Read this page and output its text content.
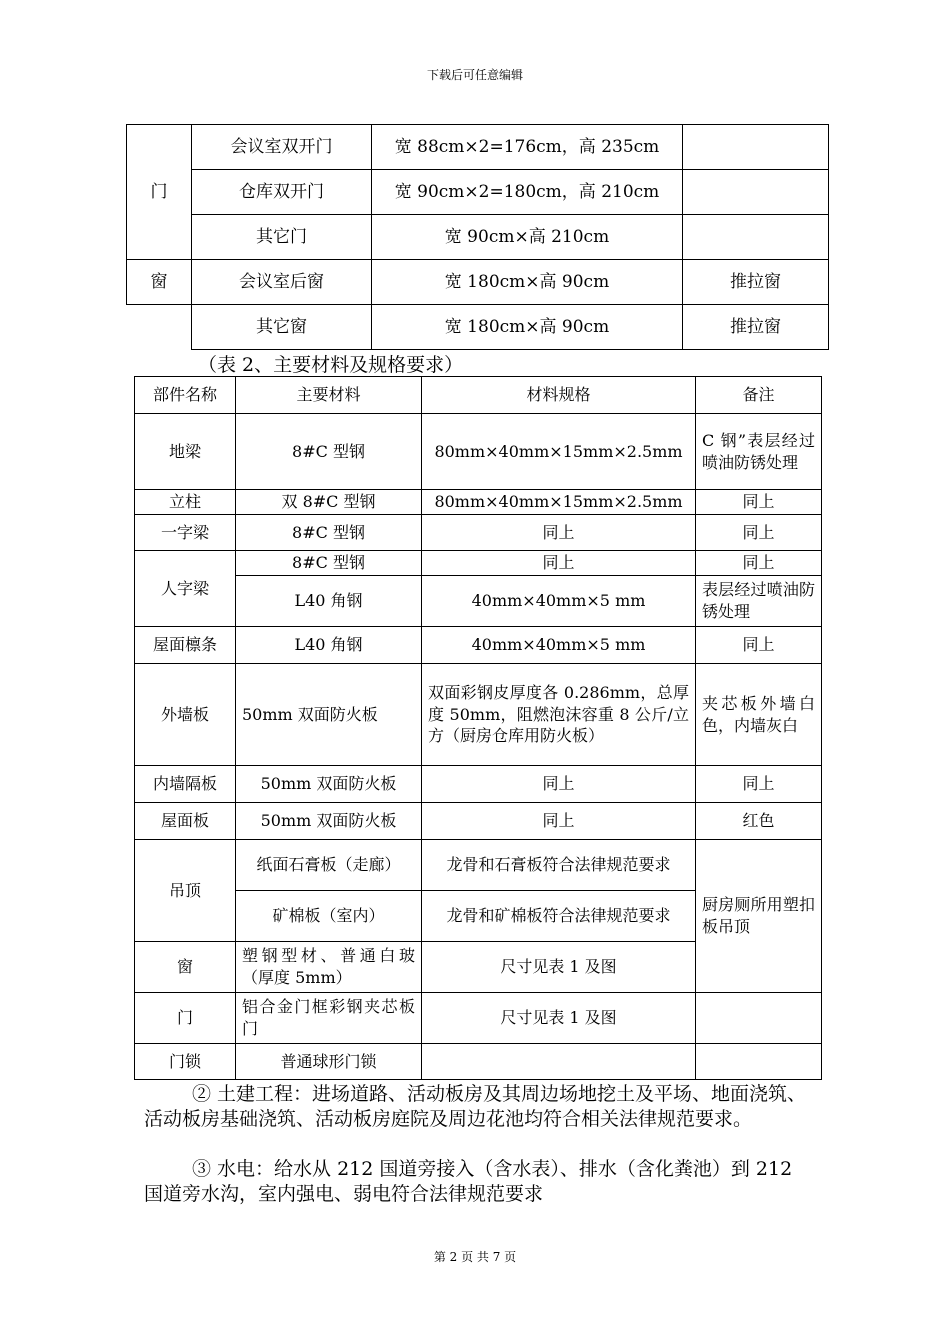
下载后可任意编辑
门	会议室双开门	宽 88cm×2=176cm，高 235cm	
	仓库双开门	宽 90cm×2=180cm，高 210cm	
	其它门	宽 90cm×高 210cm	
窗	会议室后窗	宽 180cm×高 90cm	推拉窗
	其它窗	宽 180cm×高 90cm	推拉窗
（表 2、主要材料及规格要求）
部件名称	主要材料	材料规格	备注
地梁	8#C 型钢	80mm×40mm×15mm×2.5mm	C 钢”表层经过喷油防锈处理
立柱	双 8#C 型钢	80mm×40mm×15mm×2.5mm	同上
一字梁	8#C 型钢	同上	同上
人字梁	8#C 型钢	同上	同上
	L40 角钢	40mm×40mm×5 mm	表层经过喷油防锈处理
屋面檩条	L40 角钢	40mm×40mm×5 mm	同上
外墙板	50mm 双面防火板	双面彩钢皮厚度各 0.286mm，总厚度 50mm，阻燃泡沫容重 8 公斤/立方（厨房仓库用防火板）	夹芯板外墙白色，内墙灰白
内墙隔板	50mm 双面防火板	同上	同上
屋面板	50mm 双面防火板	同上	红色
吊顶	纸面石膏板（走廊）	龙骨和石膏板符合法律规范要求	厨房厕所用塑扣板吊顶
	矿棉板（室内）	龙骨和矿棉板符合法律规范要求	
窗	塑钢型材、普通白玻（厚度 5mm）	尺寸见表 1 及图	
门	铝合金门框彩钢夹芯板门	尺寸见表 1 及图	
门锁	普通球形门锁		
② 土建工程：进场道路、活动板房及其周边场地挖土及平场、地面浇筑、活动板房基础浇筑、活动板房庭院及周边花池均符合相关法律规范要求。
③ 水电：给水从 212 国道旁接入（含水表）、排水（含化粪池）到 212 国道旁水沟，室内强电、弱电符合法律规范要求
第 2 页 共 7 页
